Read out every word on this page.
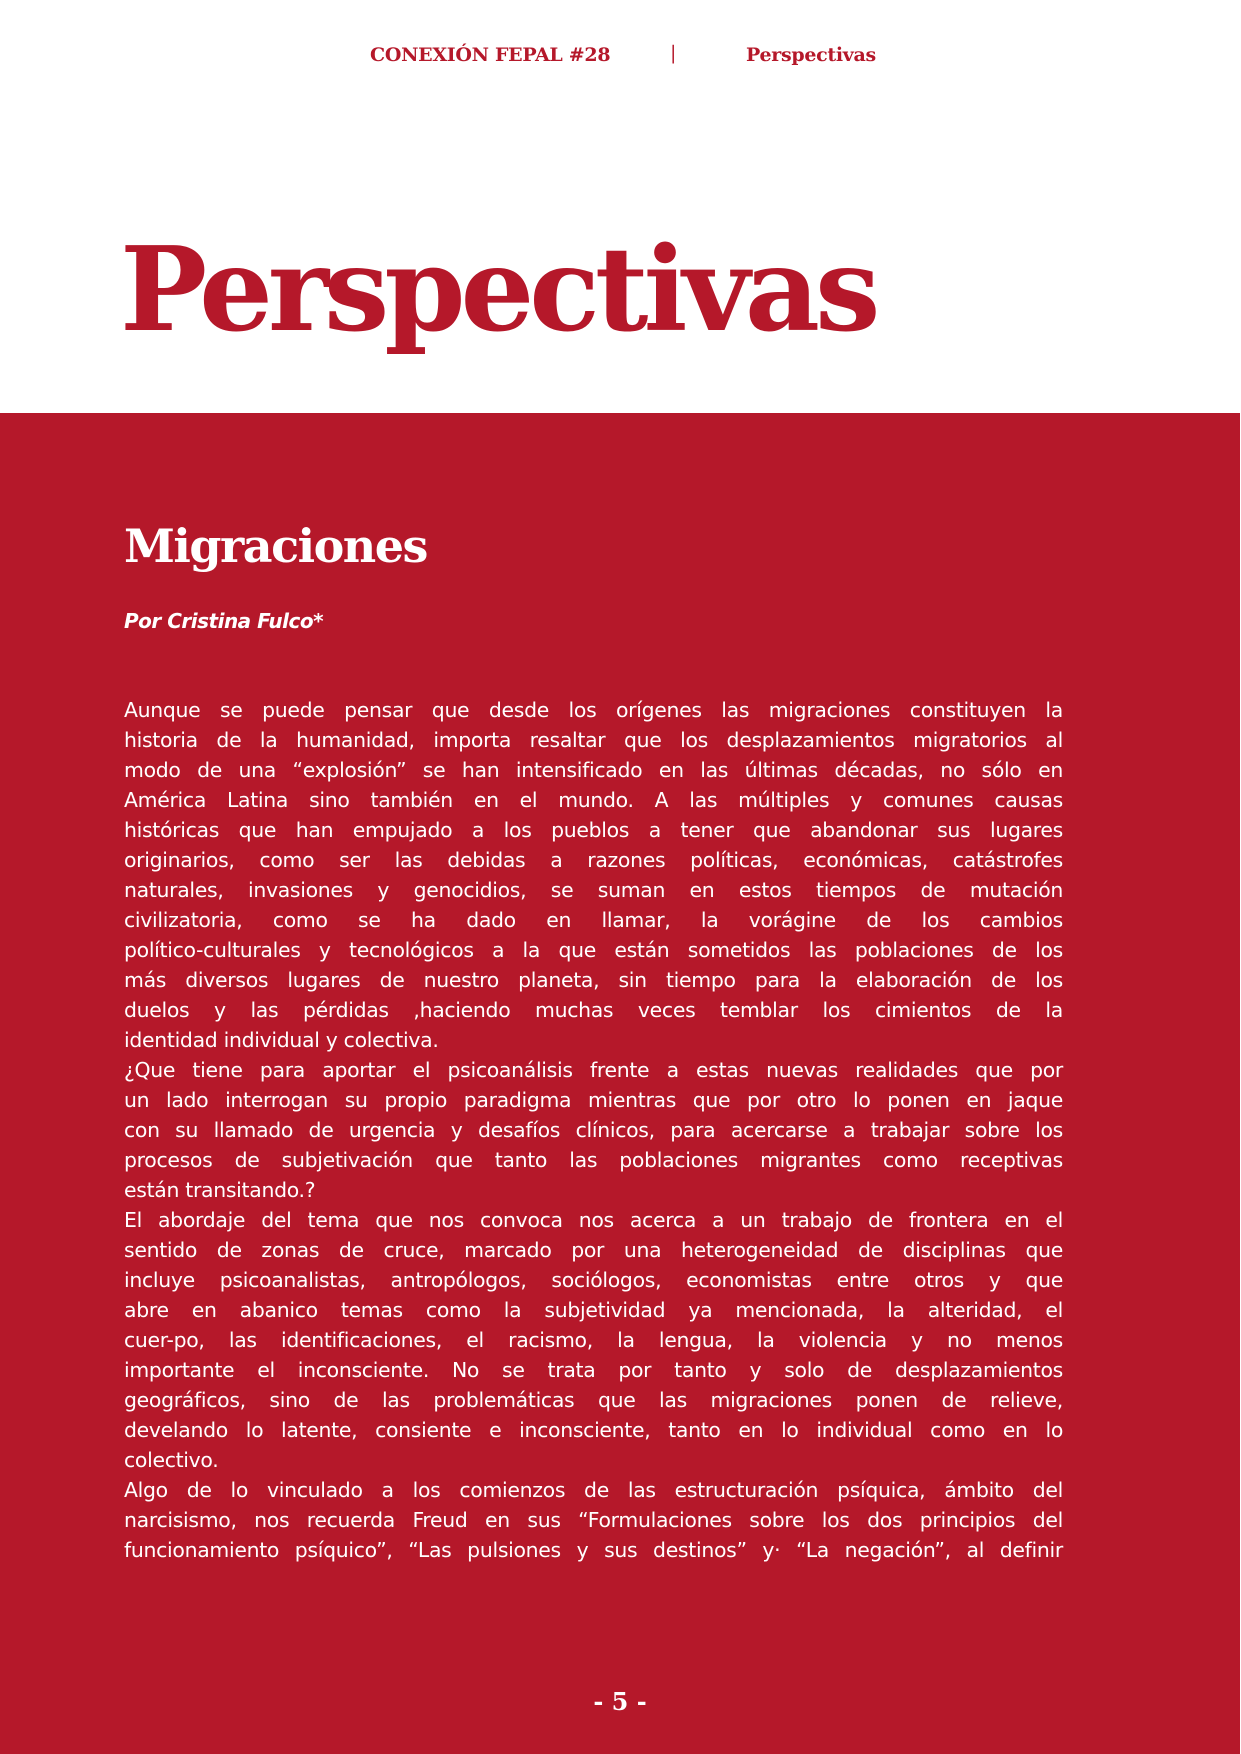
CONEXIÓN FEPAL #28	|	Perspectivas
Perspectivas
Migraciones
Por Cristina Fulco*
Aunque se puede pensar que desde los orígenes las migraciones constituyen la
historia de la humanidad, importa resaltar que los desplazamientos migratorios al
modo de una “explosión” se han intensificado en las últimas décadas, no sólo en
América Latina sino también en el mundo. A las múltiples y comunes causas
históricas que han empujado a los pueblos a tener que abandonar sus lugares
originarios, como ser las debidas a razones políticas, económicas, catástrofes
naturales, invasiones y genocidios, se suman en estos tiempos de mutación
civilizatoria, como se ha dado en llamar, la vorágine de los cambios
político-culturales y tecnológicos a la que están sometidos las poblaciones de los
más diversos lugares de nuestro planeta, sin tiempo para la elaboración de los
duelos y las pérdidas ,haciendo muchas veces temblar los cimientos de la
identidad individual y colectiva.
¿Que tiene para aportar el psicoanálisis frente a estas nuevas realidades que por
un lado interrogan su propio paradigma mientras que por otro lo ponen en jaque
con su llamado de urgencia y desafíos clínicos, para acercarse a trabajar sobre los
procesos de subjetivación que tanto las poblaciones migrantes como receptivas
están transitando.?
El abordaje del tema que nos convoca nos acerca a un trabajo de frontera en el
sentido de zonas de cruce, marcado por una heterogeneidad de disciplinas que
incluye psicoanalistas, antropólogos, sociólogos, economistas entre otros y que
abre en abanico temas como la subjetividad ya mencionada, la alteridad, el
cuer-po, las identificaciones, el racismo, la lengua, la violencia y no menos
importante el inconsciente. No se trata por tanto y solo de desplazamientos
geográficos, sino de las problemáticas que las migraciones ponen de relieve,
develando lo latente, consiente e inconsciente, tanto en lo individual como en lo
colectivo.
Algo de lo vinculado a los comienzos de las estructuración psíquica, ámbito del
narcisismo, nos recuerda Freud en sus “Formulaciones sobre los dos principios del
funcionamiento psíquico”, “Las pulsiones y sus destinos” y· “La negación”, al definir
- 5 -
